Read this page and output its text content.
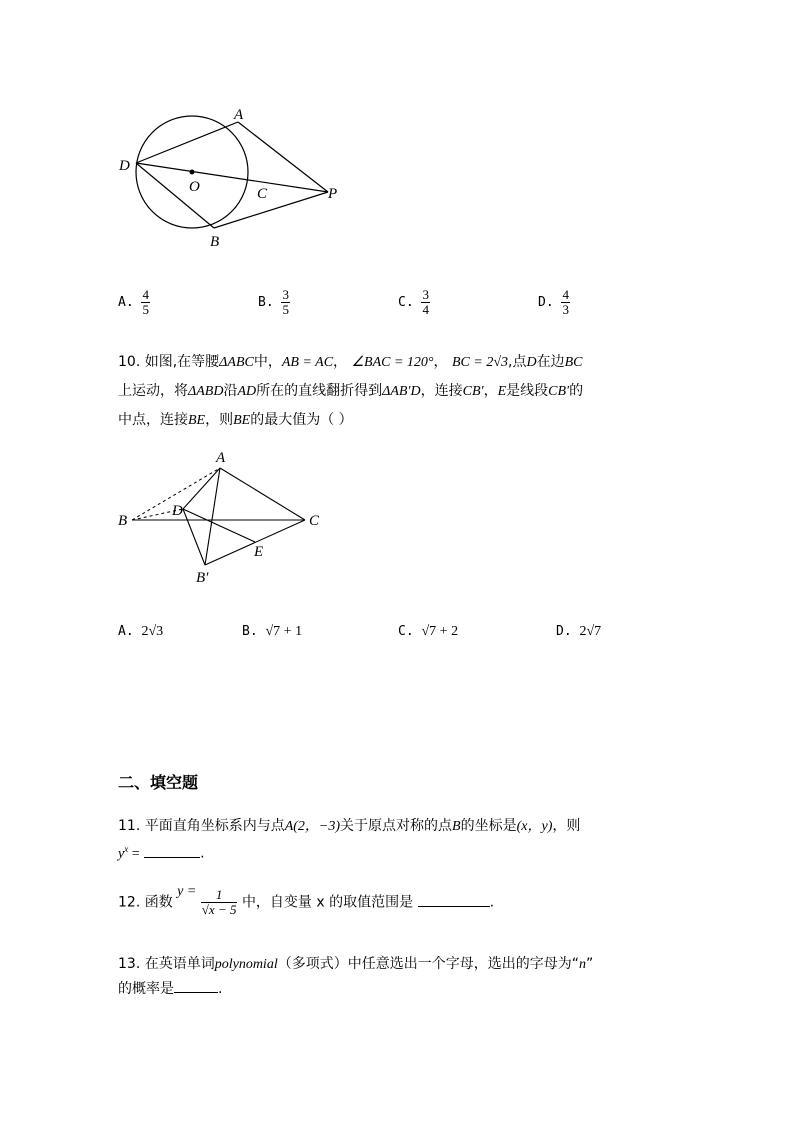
A
D
O	C	P
B
A. $\frac{4}{5}$	B. $\frac{3}{5}$	C. $\frac{3}{4}$	D. $\frac{4}{3}$
10. 如图,在等腰ΔABC中，AB = AC， ∠BAC = 120°， BC = 2√3,点D在边BC
上运动，将ΔABD沿AD所在的直线翻折得到ΔAB′D，连接CB′，E是线段CB′的
中点，连接BE，则BE的最大值为（ ）
A
B
D
C
E
B′
A. 2√3	B. √7 + 1	C. √7 + 2	D. 2√7
二、填空题
11. 平面直角坐标系内与点A(2，−3)关于原点对称的点B的坐标是(x，y)，则
$y^x$ =	.
12. 函数 $y = \frac{1}{√x - 5}$ 中，自变量 x 的取值范围是	.
13. 在英语单词polynomial（多项式）中任意选出一个字母，选出的字母为“n”
的概率是	.
